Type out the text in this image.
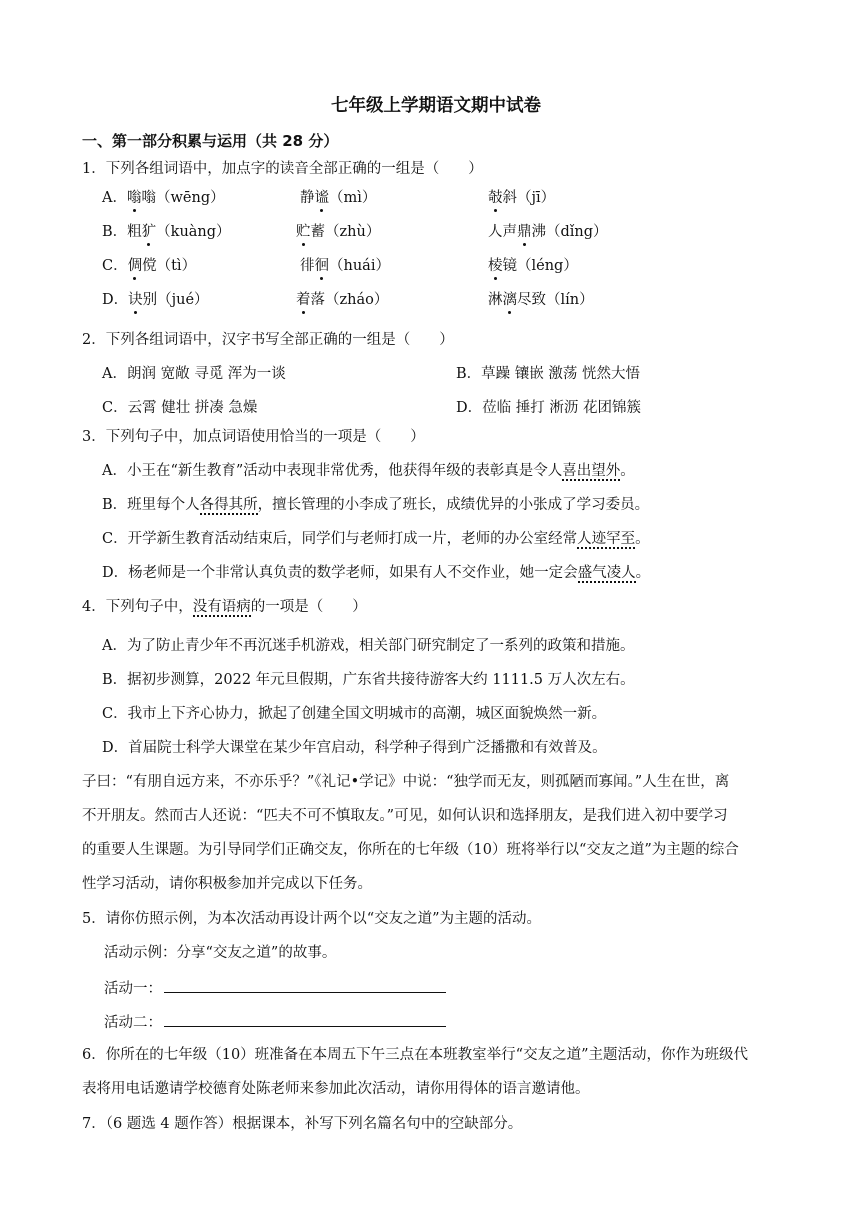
七年级上学期语文期中试卷
一、第一部分积累与运用（共 28 分）
1．下列各组词语中，加点字的读音全部正确的一组是（　　）
A．嗡嗡（wēng）	静谧（mì）	攲斜（jī）
B．粗犷（kuàng）	贮蓄（zhù）	人声鼎沸（dǐng）
C．倜傥（tì）	徘徊（huái）	棱镜（léng）
D．诀别（jué）	着落（zháo）	淋漓尽致（lín）
2．下列各组词语中，汉字书写全部正确的一组是（　　）
A．朗润 宽敞 寻觅 浑为一谈	B．草躁 镶嵌 激荡 恍然大悟
C．云霄 健壮 拼凑 急燥	D．莅临 捶打 淅沥 花团锦簇
3．下列句子中，加点词语使用恰当的一项是（　　）
A．小王在“新生教育”活动中表现非常优秀，他获得年级的表彰真是令人喜出望外。
B．班里每个人各得其所，擅长管理的小李成了班长，成绩优异的小张成了学习委员。
C．开学新生教育活动结束后，同学们与老师打成一片，老师的办公室经常人迹罕至。
D．杨老师是一个非常认真负责的数学老师，如果有人不交作业，她一定会盛气凌人。
4．下列句子中，没有语病的一项是（　　）
A．为了防止青少年不再沉迷手机游戏，相关部门研究制定了一系列的政策和措施。
B．据初步测算，2022 年元旦假期，广东省共接待游客大约 1111.5 万人次左右。
C．我市上下齐心协力，掀起了创建全国文明城市的高潮，城区面貌焕然一新。
D．首届院士科学大课堂在某少年宫启动，科学种子得到广泛播撒和有效普及。
子曰：“有朋自远方来，不亦乐乎？”《礼记•学记》中说：“独学而无友，则孤陋而寡闻。”人生在世，离
不开朋友。然而古人还说：“匹夫不可不慎取友。”可见，如何认识和选择朋友，是我们进入初中要学习
的重要人生课题。为引导同学们正确交友，你所在的七年级（10）班将举行以“交友之道”为主题的综合
性学习活动，请你积极参加并完成以下任务。
5．请你仿照示例，为本次活动再设计两个以“交友之道”为主题的活动。
活动示例：分享“交友之道”的故事。
活动一：
活动二：
6．你所在的七年级（10）班准备在本周五下午三点在本班教室举行“交友之道”主题活动，你作为班级代
表将用电话邀请学校德育处陈老师来参加此次活动，请你用得体的语言邀请他。
7．（6 题选 4 题作答）根据课本，补写下列名篇名句中的空缺部分。
